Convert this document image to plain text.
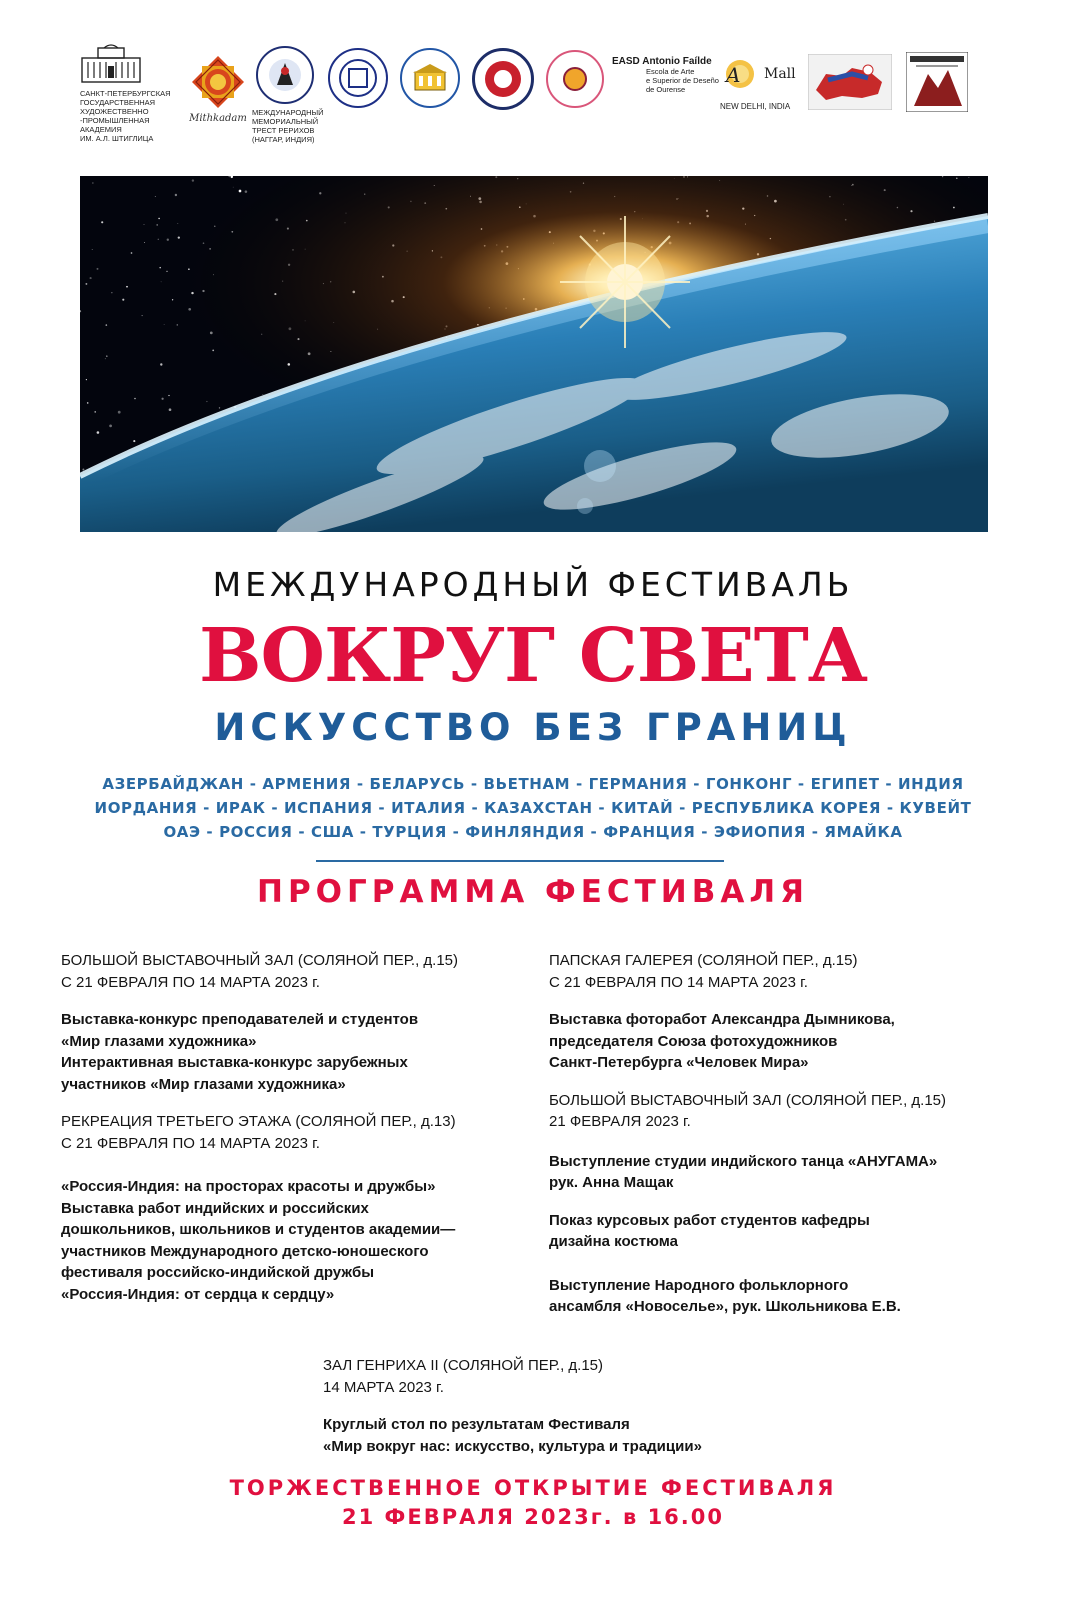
САНКТ-ПЕТЕРБУРГСКАЯ
ГОСУДАРСТВЕННАЯ
ХУДОЖЕСТВЕННО
-ПРОМЫШЛЕННАЯ
АКАДЕМИЯ
ИМ. А.Л. ШТИГЛИЦА
Mithkadam
МЕЖДУНАРОДНЫЙ
МЕМОРИАЛЬНЫЙ
ТРЕСТ РЕРИХОВ
(НАГГАР, ИНДИЯ)
EASD Antonio Faílde
Escola de Arte
e Superior de Deseño
de Ourense
A Mall
NEW DELHI, INDIA
МЕЖДУНАРОДНЫЙ ФЕСТИВАЛЬ
ВОКРУГ СВЕТА
ИСКУССТВО БЕЗ ГРАНИЦ
АЗЕРБАЙДЖАН - АРМЕНИЯ - БЕЛАРУСЬ - ВЬЕТНАМ - ГЕРМАНИЯ - ГОНКОНГ - ЕГИПЕТ - ИНДИЯ
ИОРДАНИЯ - ИРАК - ИСПАНИЯ - ИТАЛИЯ - КАЗАХСТАН - КИТАЙ - РЕСПУБЛИКА КОРЕЯ - КУВЕЙТ
ОАЭ - РОССИЯ - США - ТУРЦИЯ - ФИНЛЯНДИЯ - ФРАНЦИЯ - ЭФИОПИЯ - ЯМАЙКА
ПРОГРАММА ФЕСТИВАЛЯ

БОЛЬШОЙ ВЫСТАВОЧНЫЙ ЗАЛ (СОЛЯНОЙ ПЕР., д.15)

С 21 ФЕВРАЛЯ ПО 14 МАРТА 2023 г.

Выставка-конкурс преподавателей и студентов

«Мир глазами художника»

Интерактивная выставка-конкурс зарубежных

участников «Мир глазами художника»

РЕКРЕАЦИЯ ТРЕТЬЕГО ЭТАЖА (СОЛЯНОЙ ПЕР., д.13)

С 21 ФЕВРАЛЯ ПО 14 МАРТА 2023 г.

«Россия-Индия: на просторах красоты и дружбы»

Выставка работ индийских и российских

дошкольников, школьников и студентов академии—

участников Международного детско-юношеского

фестиваля российско-индийской дружбы

«Россия-Индия: от сердца к сердцу»

ПАПСКАЯ ГАЛЕРЕЯ (СОЛЯНОЙ ПЕР., д.15)

С 21 ФЕВРАЛЯ ПО 14 МАРТА 2023 г.

Выставка фоторабот Александра Дымникова,

председателя Союза фотохудожников

Санкт-Петербурга «Человек Мира»

БОЛЬШОЙ ВЫСТАВОЧНЫЙ ЗАЛ (СОЛЯНОЙ ПЕР., д.15)

21 ФЕВРАЛЯ 2023 г.

Выступление студии индийского танца «АНУГАМА»

рук. Анна Мащак

Показ курсовых работ студентов кафедры

дизайна костюма

Выступление Народного фольклорного

ансамбля «Новоселье», рук. Школьникова Е.В.

ЗАЛ ГЕНРИХА II (СОЛЯНОЙ ПЕР., д.15)

14 МАРТА 2023 г.

Круглый стол по результатам Фестиваля

«Мир вокруг нас: искусство, культура и традиции»

ТОРЖЕСТВЕННОЕ ОТКРЫТИЕ ФЕСТИВАЛЯ
21 ФЕВРАЛЯ 2023г. в 16.00
